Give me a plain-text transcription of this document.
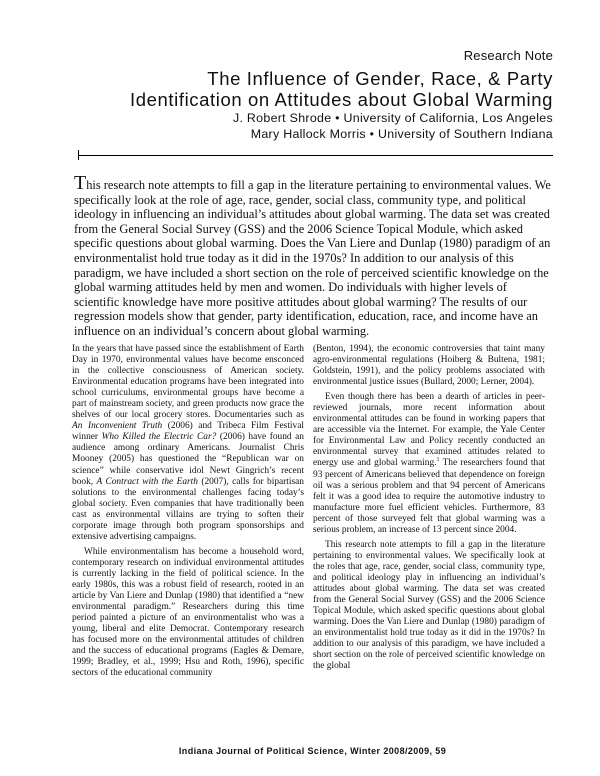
Research Note
The Influence of Gender, Race, & Party
Identification on Attitudes about Global Warming
J. Robert Shrode • University of California, Los Angeles
Mary Hallock Morris • University of Southern Indiana
This research note attempts to fill a gap in the literature pertaining to environmental values. We specifically look at the role of age, race, gender, social class, community type, and political ideology in influencing an individual’s attitudes about global warming. The data set was created from the General Social Survey (GSS) and the 2006 Science Topical Module, which asked specific questions about global warming. Does the Van Liere and Dunlap (1980) paradigm of an environmentalist hold true today as it did in the 1970s? In addition to our analysis of this paradigm, we have included a short section on the role of perceived scientific knowledge on the global warming attitudes held by men and women. Do individuals with higher levels of scientific knowledge have more positive attitudes about global warming? The results of our regression models show that gender, party identification, education, race, and income have an influence on an individual’s concern about global warming.

In the years that have passed since the establishment of Earth Day in 1970, environmental values have become ensconced in the collective consciousness of American society. Environmental education programs have been integrated into school curriculums, environmental groups have become a part of mainstream society, and green products now grace the shelves of our local grocery stores. Documentaries such as An Inconvenient Truth (2006) and Tribeca Film Festival winner Who Killed the Electric Car? (2006) have found an audience among ordinary Americans. Journalist Chris Mooney (2005) has questioned the “Republican war on science” while conservative idol Newt Gingrich’s recent book, A Contract with the Earth (2007), calls for bipartisan solutions to the environmental challenges facing today’s global society. Even companies that have traditionally been cast as environmental villains are trying to soften their corporate image through both program sponsorships and extensive advertising campaigns.

While environmentalism has become a household word, contemporary research on individual environmental attitudes is currently lacking in the field of political science. In the early 1980s, this was a robust field of research, rooted in an article by Van Liere and Dunlap (1980) that identified a “new environmental paradigm.” Researchers during this time period painted a picture of an environmentalist who was a young, liberal and elite Democrat. Contemporary research has focused more on the environmental attitudes of children and the success of educational programs (Eagles & Demare, 1999; Bradley, et al., 1999; Hsu and Roth, 1996), specific sectors of the educational community

(Benton, 1994), the economic controversies that taint many agro-environmental regulations (Hoiberg & Bultena, 1981; Goldstein, 1991), and the policy problems associated with environmental justice issues (Bullard, 2000; Lerner, 2004).

Even though there has been a dearth of articles in peer-reviewed journals, more recent information about environmental attitudes can be found in working papers that are accessible via the Internet. For example, the Yale Center for Environmental Law and Policy recently conducted an environmental survey that examined attitudes related to energy use and global warming.$^1$ The researchers found that 93 percent of Americans believed that dependence on foreign oil was a serious problem and that 94 percent of Americans felt it was a good idea to require the automotive industry to manufacture more fuel efficient vehicles. Furthermore, 83 percent of those surveyed felt that global warming was a serious problem, an increase of 13 percent since 2004.

This research note attempts to fill a gap in the literature pertaining to environmental values. We specifically look at the roles that age, race, gender, social class, community type, and political ideology play in influencing an individual’s attitudes about global warming. The data set was created from the General Social Survey (GSS) and the 2006 Science Topical Module, which asked specific questions about global warming. Does the Van Liere and Dunlap (1980) paradigm of an environmentalist hold true today as it did in the 1970s? In addition to our analysis of this paradigm, we have included a short section on the role of perceived scientific knowledge on the global

Indiana Journal of Political Science, Winter 2008/2009, 59
